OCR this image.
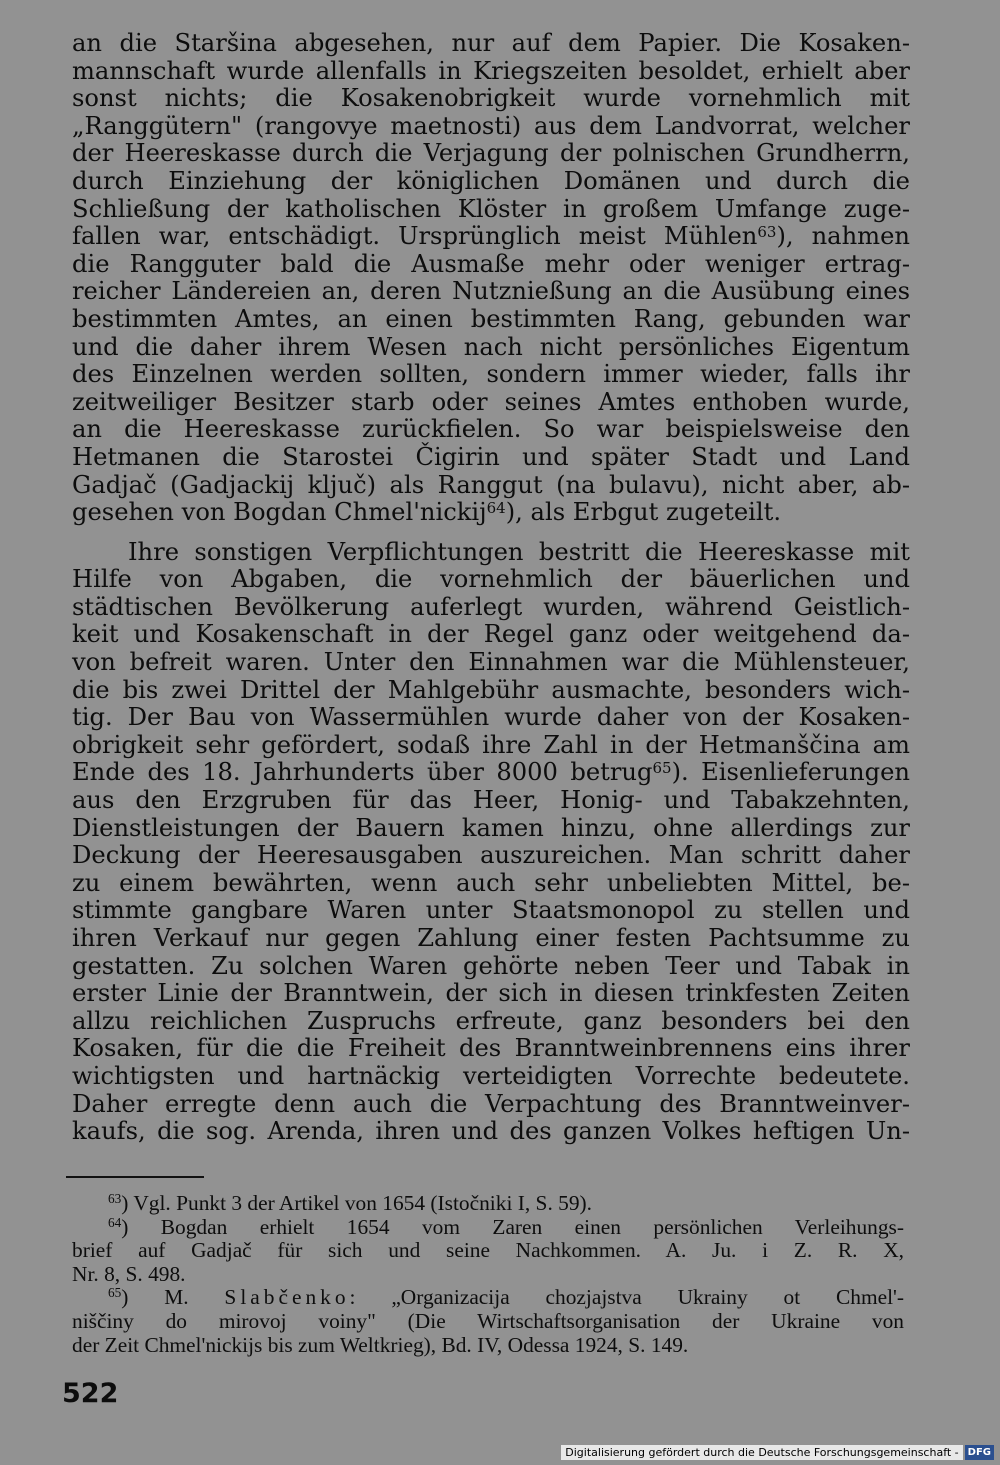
an die Staršina abgesehen, nur auf dem Papier. Die Kosaken-
mannschaft wurde allenfalls in Kriegszeiten besoldet, erhielt aber
sonst nichts; die Kosakenobrigkeit wurde vornehmlich mit
„Ranggütern" (rangovye maetnosti) aus dem Landvorrat, welcher
der Heereskasse durch die Verjagung der polnischen Grundherrn,
durch Einziehung der königlichen Domänen und durch die
Schließung der katholischen Klöster in großem Umfange zuge-
fallen war, entschädigt. Ursprünglich meist Mühlen$^{63}$), nahmen
die Rangguter bald die Ausmaße mehr oder weniger ertrag-
reicher Ländereien an, deren Nutznießung an die Ausübung eines
bestimmten Amtes, an einen bestimmten Rang, gebunden war
und die daher ihrem Wesen nach nicht persönliches Eigentum
des Einzelnen werden sollten, sondern immer wieder, falls ihr
zeitweiliger Besitzer starb oder seines Amtes enthoben wurde,
an die Heereskasse zurückfielen. So war beispielsweise den
Hetmanen die Starostei Čigirin und später Stadt und Land
Gadjač (Gadjackij ključ) als Ranggut (na bulavu), nicht aber, ab-
gesehen von Bogdan Chmel'nickij$^{64}$), als Erbgut zugeteilt.

Ihre sonstigen Verpflichtungen bestritt die Heereskasse mit
Hilfe von Abgaben, die vornehmlich der bäuerlichen und
städtischen Bevölkerung auferlegt wurden, während Geistlich-
keit und Kosakenschaft in der Regel ganz oder weitgehend da-
von befreit waren. Unter den Einnahmen war die Mühlensteuer,
die bis zwei Drittel der Mahlgebühr ausmachte, besonders wich-
tig. Der Bau von Wassermühlen wurde daher von der Kosaken-
obrigkeit sehr gefördert, sodaß ihre Zahl in der Hetmanščina am
Ende des 18. Jahrhunderts über 8000 betrug$^{65}$). Eisenlieferungen
aus den Erzgruben für das Heer, Honig- und Tabakzehnten,
Dienstleistungen der Bauern kamen hinzu, ohne allerdings zur
Deckung der Heeresausgaben auszureichen. Man schritt daher
zu einem bewährten, wenn auch sehr unbeliebten Mittel, be-
stimmte gangbare Waren unter Staatsmonopol zu stellen und
ihren Verkauf nur gegen Zahlung einer festen Pachtsumme zu
gestatten. Zu solchen Waren gehörte neben Teer und Tabak in
erster Linie der Branntwein, der sich in diesen trinkfesten Zeiten
allzu reichlichen Zuspruchs erfreute, ganz besonders bei den
Kosaken, für die die Freiheit des Branntweinbrennens eins ihrer
wichtigsten und hartnäckig verteidigten Vorrechte bedeutete.
Daher erregte denn auch die Verpachtung des Branntweinver-
kaufs, die sog. Arenda, ihren und des ganzen Volkes heftigen Un-

$^{63}$) Vgl. Punkt 3 der Artikel von 1654 (Istočniki I, S. 59).
$^{64}$) Bogdan erhielt 1654 vom Zaren einen persönlichen Verleihungs-
brief auf Gadjač für sich und seine Nachkommen. A. Ju. i Z. R. X,
Nr. 8, S. 498.
$^{65}$) M. Slabčenko: „Organizacija chozjajstva Ukrainy ot Chmel'-
niščiny do mirovoj voiny" (Die Wirtschaftsorganisation der Ukraine von
der Zeit Chmel'nickijs bis zum Weltkrieg), Bd. IV, Odessa 1924, S. 149.
522
Digitalisierung gefördert durch die Deutsche Forschungsgemeinschaft - DFG
